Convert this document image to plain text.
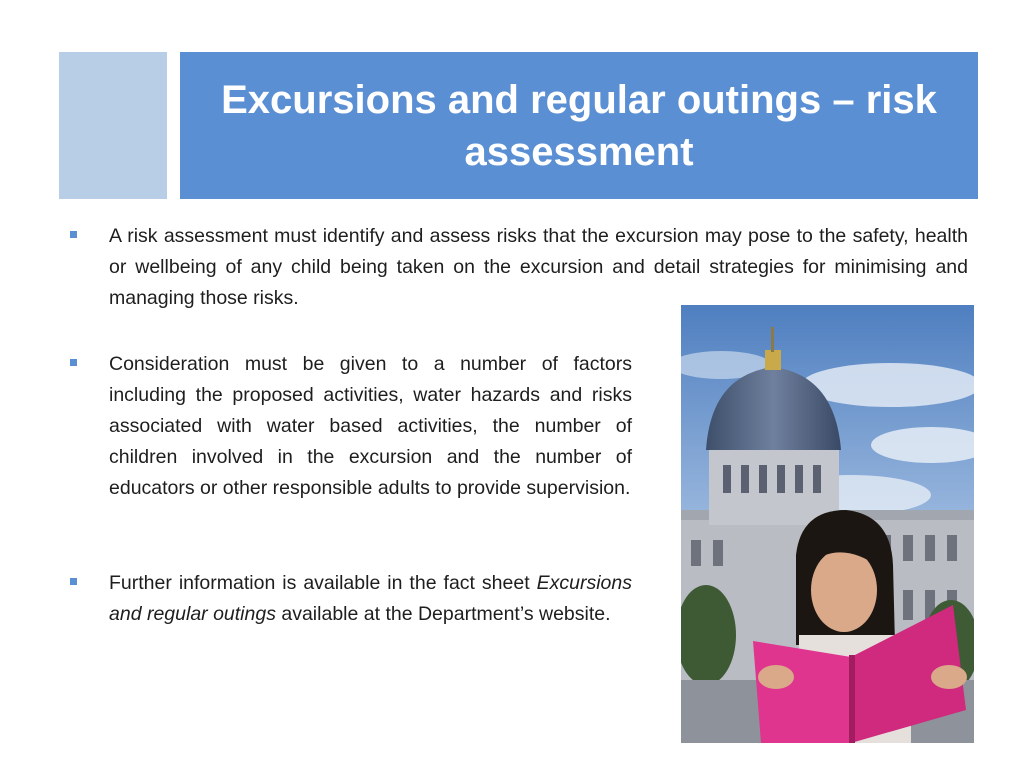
Excursions and regular outings – risk assessment
A risk assessment must identify and assess risks that the excursion may pose to the safety, health or wellbeing of any child being taken on the excursion and detail strategies for minimising and managing those risks.
Consideration must be given to a number of factors including the proposed activities, water hazards and risks associated with water based activities, the number of children involved in the excursion and the number of educators or other responsible adults to provide supervision.
Further information is available in the fact sheet Excursions and regular outings available at the Department’s website.
